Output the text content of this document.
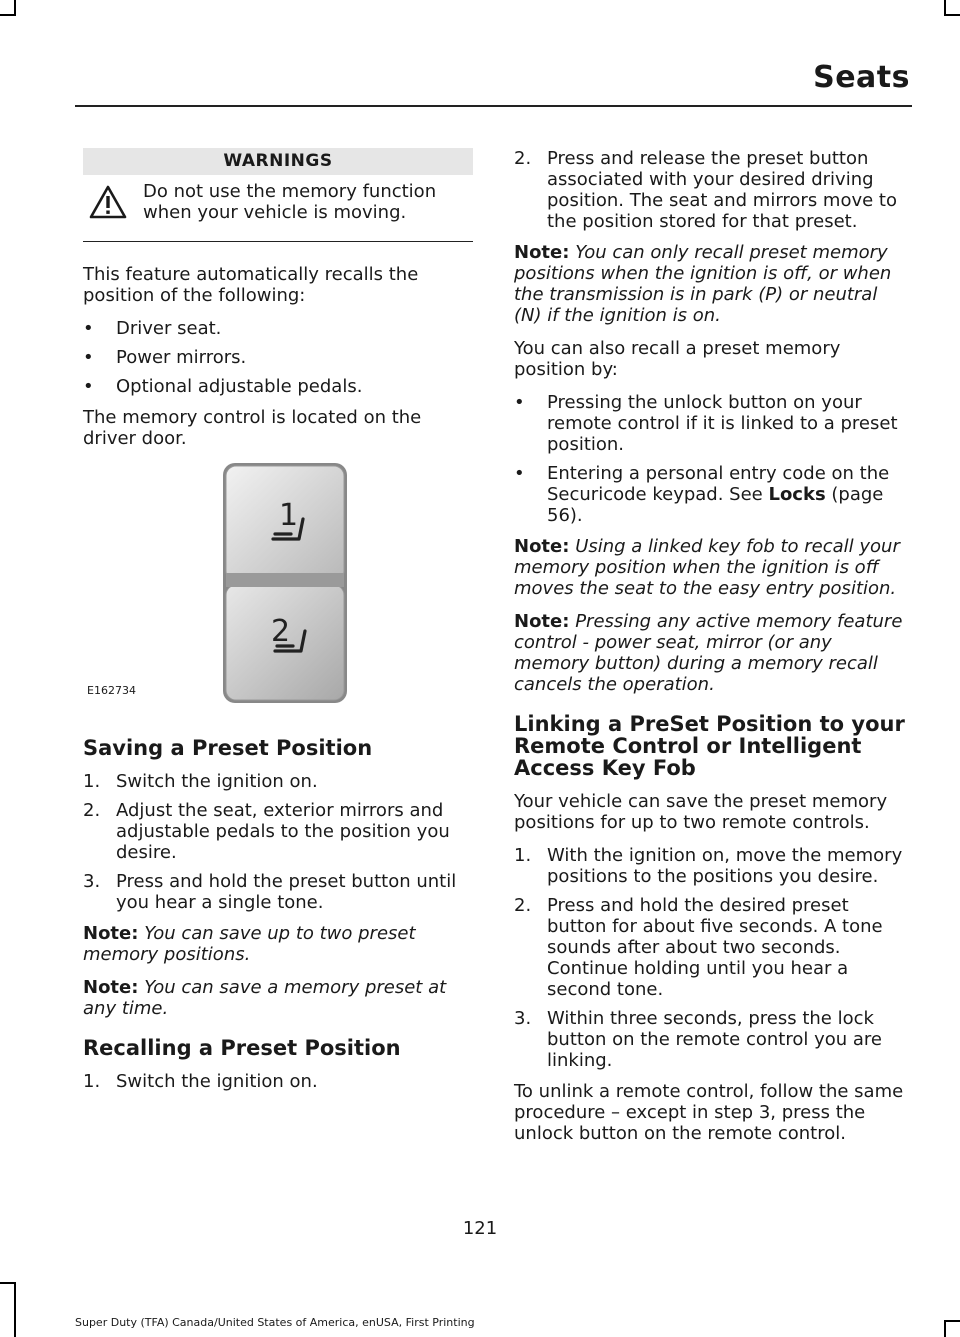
Seats
WARNINGS
Do not use the memory function when your vehicle is moving.

This feature automatically recalls the position of the following:

• Driver seat.
• Power mirrors.
• Optional adjustable pedals.

The memory control is located on the driver door.

1
2
E162734
Saving a Preset Position
1. Switch the ignition on.
2. Adjust the seat, exterior mirrors and adjustable pedals to the position you desire.
3. Press and hold the preset button until you hear a single tone.

Note: You can save up to two preset memory positions.

Note: You can save a memory preset at any time.

Recalling a Preset Position
1. Switch the ignition on.
2. Press and release the preset button associated with your desired driving position. The seat and mirrors move to the position stored for that preset.

Note: You can only recall preset memory positions when the ignition is off, or when the transmission is in park (P) or neutral (N) if the ignition is on.

You can also recall a preset memory position by:

• Pressing the unlock button on your remote control if it is linked to a preset position.
• Entering a personal entry code on the Securicode keypad. See Locks (page 56).

Note: Using a linked key fob to recall your memory position when the ignition is off moves the seat to the easy entry position.

Note: Pressing any active memory feature control - power seat, mirror (or any memory button) during a memory recall cancels the operation.

Linking a PreSet Position to your Remote Control or Intelligent Access Key Fob

Your vehicle can save the preset memory positions for up to two remote controls.

1. With the ignition on, move the memory positions to the positions you desire.
2. Press and hold the desired preset button for about five seconds. A tone sounds after about two seconds. Continue holding until you hear a second tone.
3. Within three seconds, press the lock button on the remote control you are linking.

To unlink a remote control, follow the same procedure – except in step 3, press the unlock button on the remote control.

121
Super Duty (TFA) Canada/United States of America, enUSA, First Printing
